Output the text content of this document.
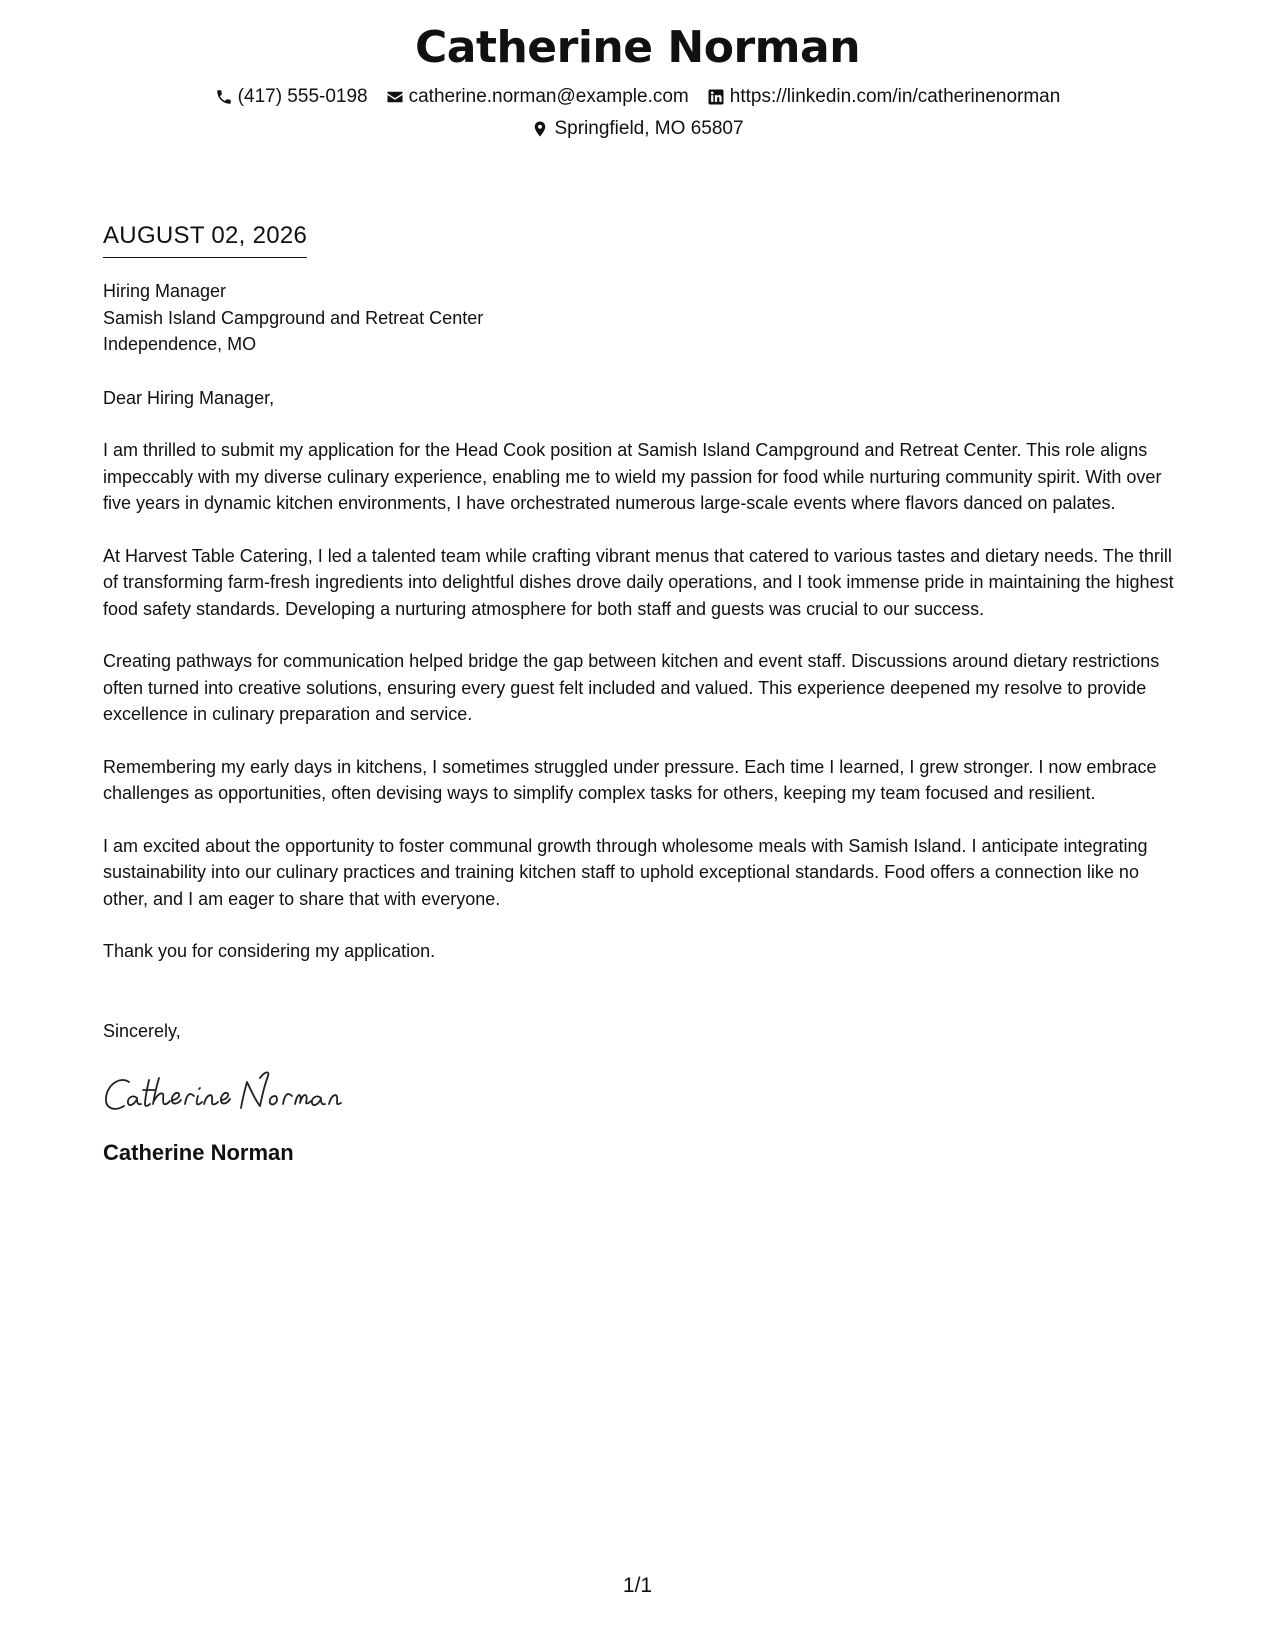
Catherine Norman
(417) 555-0198 catherine.norman@example.com https://linkedin.com/in/catherinenorman
Springfield, MO 65807
AUGUST 02, 2026
Hiring Manager
Samish Island Campground and Retreat Center
Independence, MO
Dear Hiring Manager,
I am thrilled to submit my application for the Head Cook position at Samish Island Campground and Retreat Center. This role aligns impeccably with my diverse culinary experience, enabling me to wield my passion for food while nurturing community spirit. With over five years in dynamic kitchen environments, I have orchestrated numerous large-scale events where flavors danced on palates.
At Harvest Table Catering, I led a talented team while crafting vibrant menus that catered to various tastes and dietary needs. The thrill of transforming farm-fresh ingredients into delightful dishes drove daily operations, and I took immense pride in maintaining the highest food safety standards. Developing a nurturing atmosphere for both staff and guests was crucial to our success.
Creating pathways for communication helped bridge the gap between kitchen and event staff. Discussions around dietary restrictions often turned into creative solutions, ensuring every guest felt included and valued. This experience deepened my resolve to provide excellence in culinary preparation and service.
Remembering my early days in kitchens, I sometimes struggled under pressure. Each time I learned, I grew stronger. I now embrace challenges as opportunities, often devising ways to simplify complex tasks for others, keeping my team focused and resilient.
I am excited about the opportunity to foster communal growth through wholesome meals with Samish Island. I anticipate integrating sustainability into our culinary practices and training kitchen staff to uphold exceptional standards. Food offers a connection like no other, and I am eager to share that with everyone.
Thank you for considering my application.
Sincerely,
Catherine Norman
1/1
